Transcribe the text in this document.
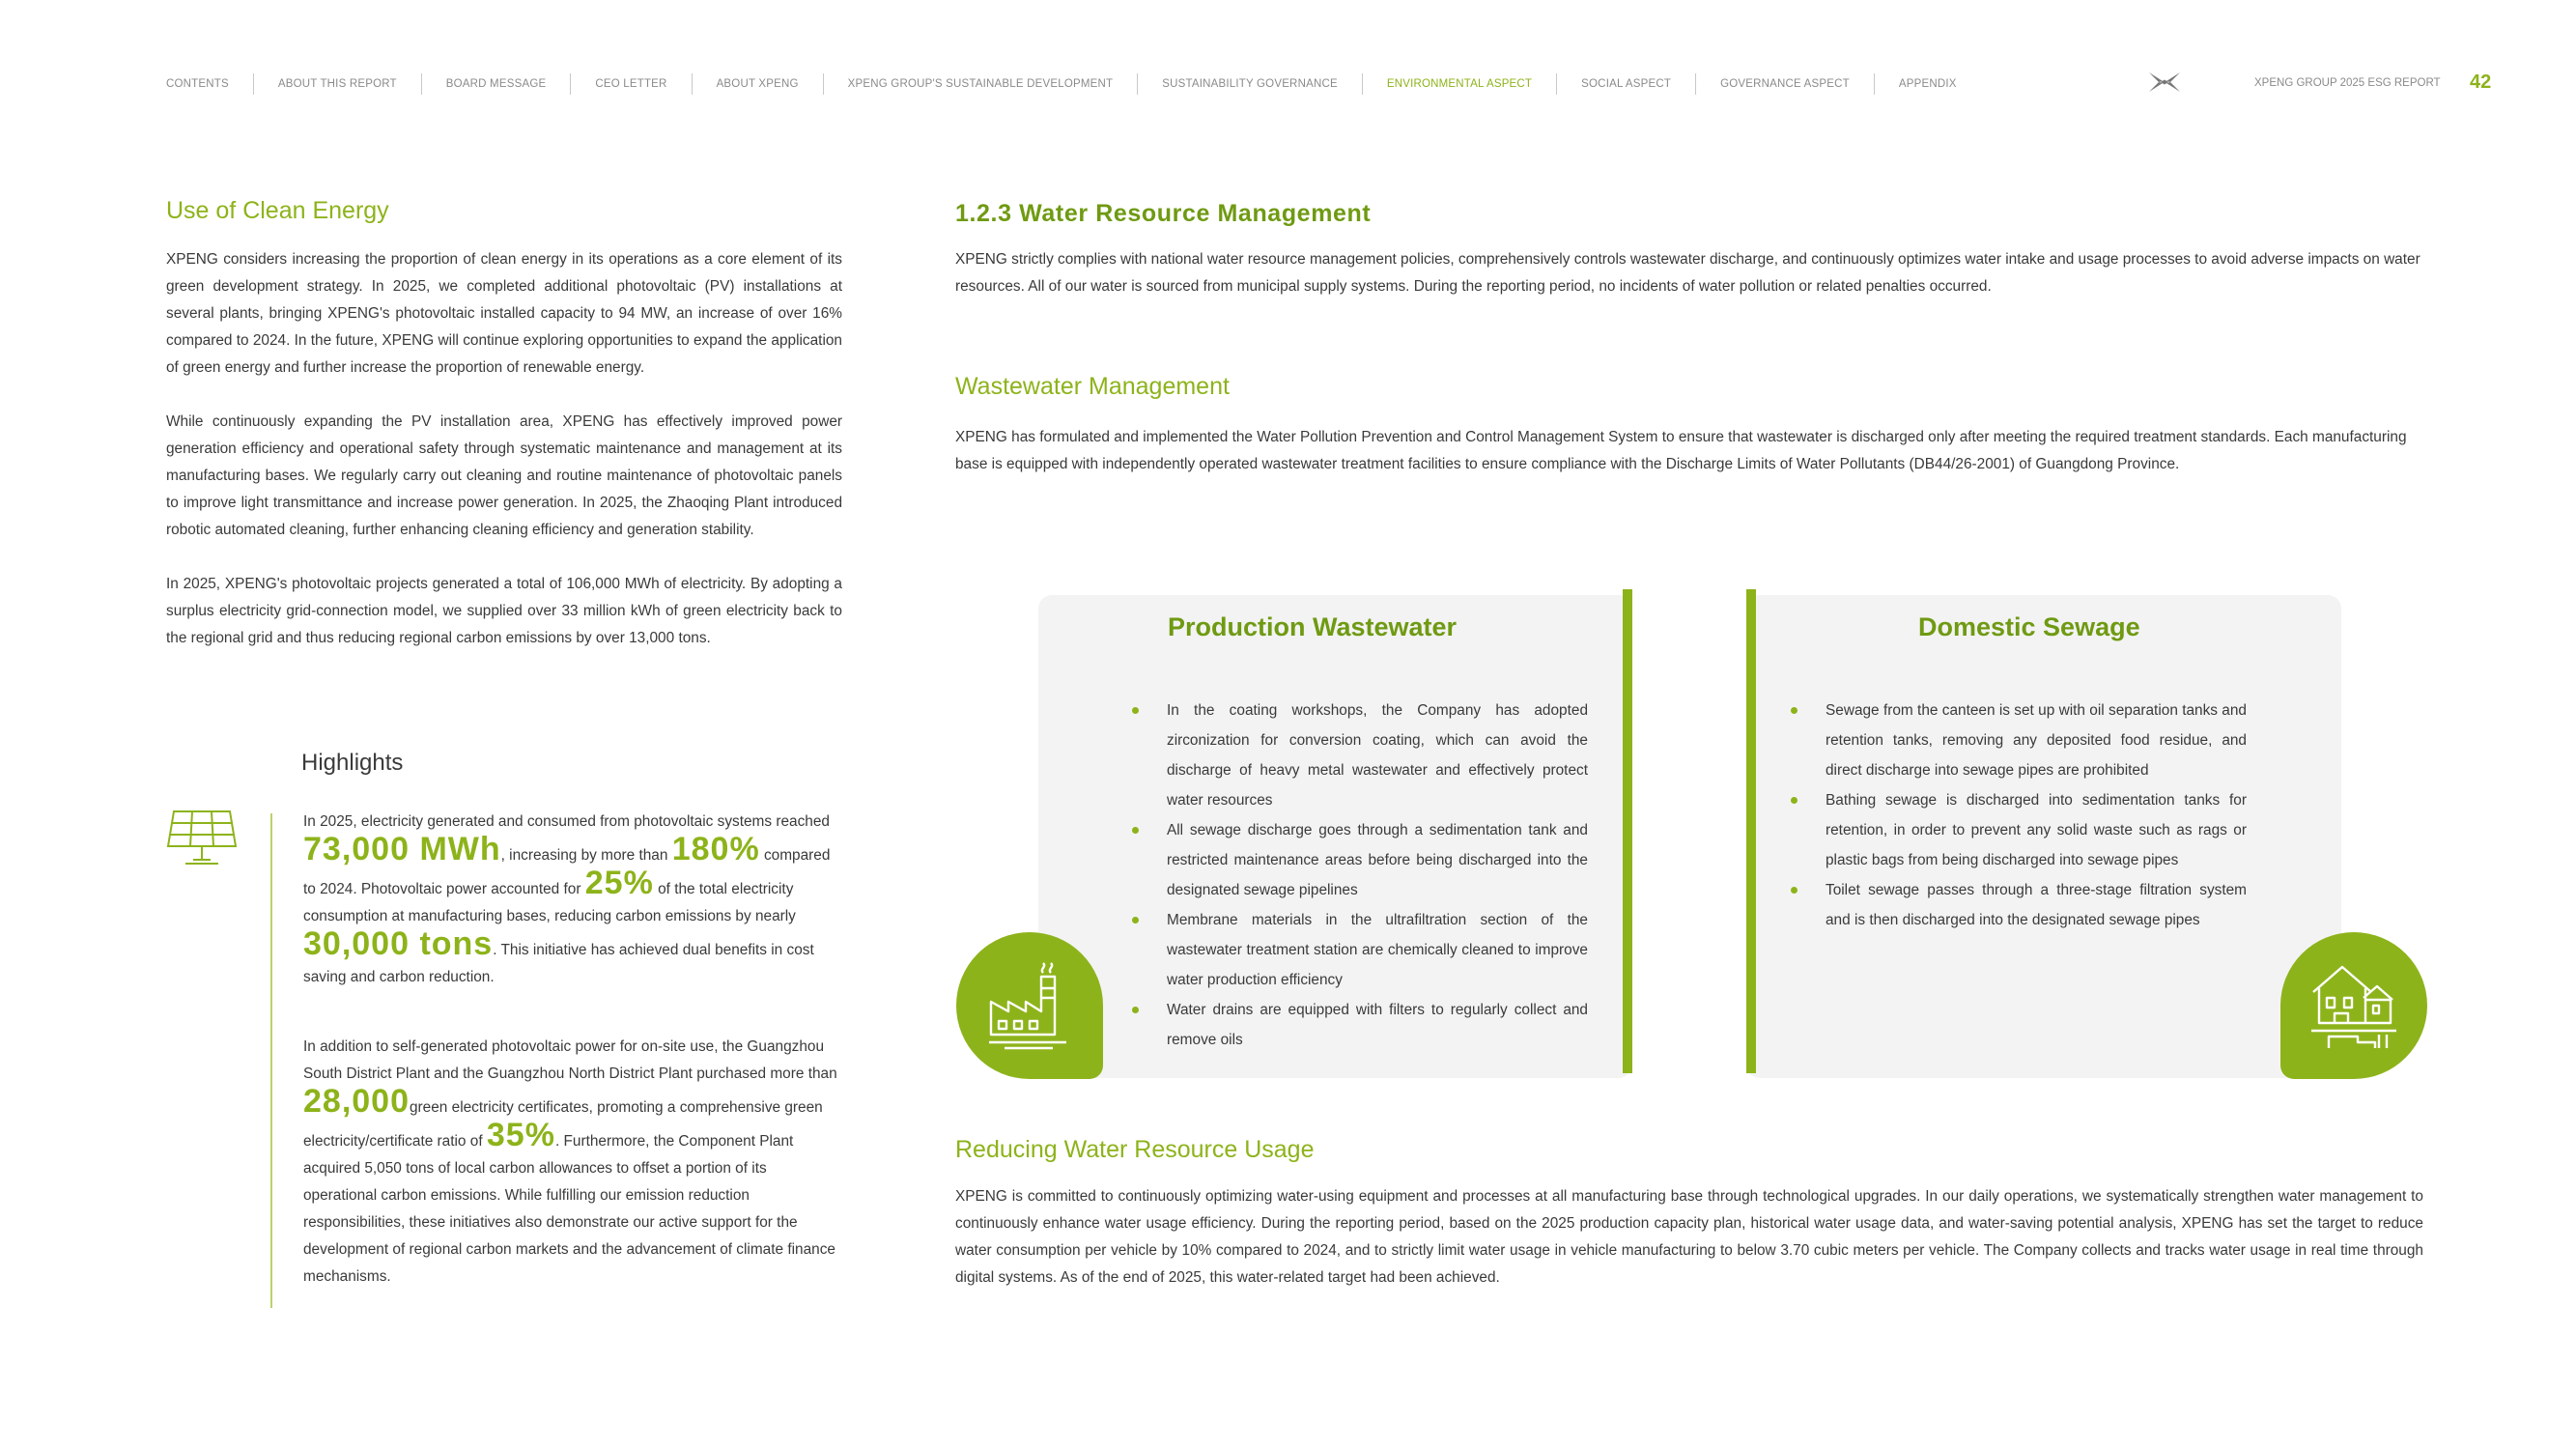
CONTENTS	ABOUT THIS REPORT	BOARD MESSAGE	CEO LETTER	ABOUT XPENG	XPENG GROUP'S SUSTAINABLE DEVELOPMENT	SUSTAINABILITY GOVERNANCE	ENVIRONMENTAL ASPECT	SOCIAL ASPECT	GOVERNANCE ASPECT	APPENDIX	XPENG GROUP 2025 ESG REPORT 42
Use of Clean Energy

XPENG considers increasing the proportion of clean energy in its operations as a core element of its green development strategy. In 2025, we completed additional photovoltaic (PV) installations at several plants, bringing XPENG's photovoltaic installed capacity to 94 MW, an increase of over 16% compared to 2024. In the future, XPENG will continue exploring opportunities to expand the application of green energy and further increase the proportion of renewable energy.

While continuously expanding the PV installation area, XPENG has effectively improved power generation efficiency and operational safety through systematic maintenance and management at its manufacturing bases. We regularly carry out cleaning and routine maintenance of photovoltaic panels to improve light transmittance and increase power generation. In 2025, the Zhaoqing Plant introduced robotic automated cleaning, further enhancing cleaning efficiency and generation stability.

In 2025, XPENG's photovoltaic projects generated a total of 106,000 MWh of electricity. By adopting a surplus electricity grid-connection model, we supplied over 33 million kWh of green electricity back to the regional grid and thus reducing regional carbon emissions by over 13,000 tons.

Highlights
In 2025, electricity generated and consumed from photovoltaic systems reached 73,000 MWh, increasing by more than 180% compared to 2024. Photovoltaic power accounted for 25% of the total electricity consumption at manufacturing bases, reducing carbon emissions by nearly 30,000 tons. This initiative has achieved dual benefits in cost saving and carbon reduction.
In addition to self-generated photovoltaic power for on-site use, the Guangzhou South District Plant and the Guangzhou North District Plant purchased more than 28,000green electricity certificates, promoting a comprehensive green electricity/certificate ratio of 35%. Furthermore, the Component Plant acquired 5,050 tons of local carbon allowances to offset a portion of its operational carbon emissions. While fulfilling our emission reduction responsibilities, these initiatives also demonstrate our active support for the development of regional carbon markets and the advancement of climate finance mechanisms.
1.2.3 Water Resource Management

XPENG strictly complies with national water resource management policies, comprehensively controls wastewater discharge, and continuously optimizes water intake and usage processes to avoid adverse impacts on water resources. All of our water is sourced from municipal supply systems. During the reporting period, no incidents of water pollution or related penalties occurred.

Wastewater Management

XPENG has formulated and implemented the Water Pollution Prevention and Control Management System to ensure that wastewater is discharged only after meeting the required treatment standards. Each manufacturing base is equipped with independently operated wastewater treatment facilities to ensure compliance with the Discharge Limits of Water Pollutants (DB44/26-2001) of Guangdong Province.

Production Wastewater
In the coating workshops, the Company has adopted zirconization for conversion coating, which can avoid the discharge of heavy metal wastewater and effectively protect water resources
All sewage discharge goes through a sedimentation tank and restricted maintenance areas before being discharged into the designated sewage pipelines
Membrane materials in the ultrafiltration section of the wastewater treatment station are chemically cleaned to improve water production efficiency
Water drains are equipped with filters to regularly collect and remove oils
Domestic Sewage
Sewage from the canteen is set up with oil separation tanks and retention tanks, removing any deposited food residue, and direct discharge into sewage pipes are prohibited
Bathing sewage is discharged into sedimentation tanks for retention, in order to prevent any solid waste such as rags or plastic bags from being discharged into sewage pipes
Toilet sewage passes through a three-stage filtration system and is then discharged into the designated sewage pipes
Reducing Water Resource Usage

XPENG is committed to continuously optimizing water-using equipment and processes at all manufacturing base through technological upgrades. In our daily operations, we systematically strengthen water management to continuously enhance water usage efficiency. During the reporting period, based on the 2025 production capacity plan, historical water usage data, and water-saving potential analysis, XPENG has set the target to reduce water consumption per vehicle by 10% compared to 2024, and to strictly limit water usage in vehicle manufacturing to below 3.70 cubic meters per vehicle. The Company collects and tracks water usage in real time through digital systems. As of the end of 2025, this water-related target had been achieved.
